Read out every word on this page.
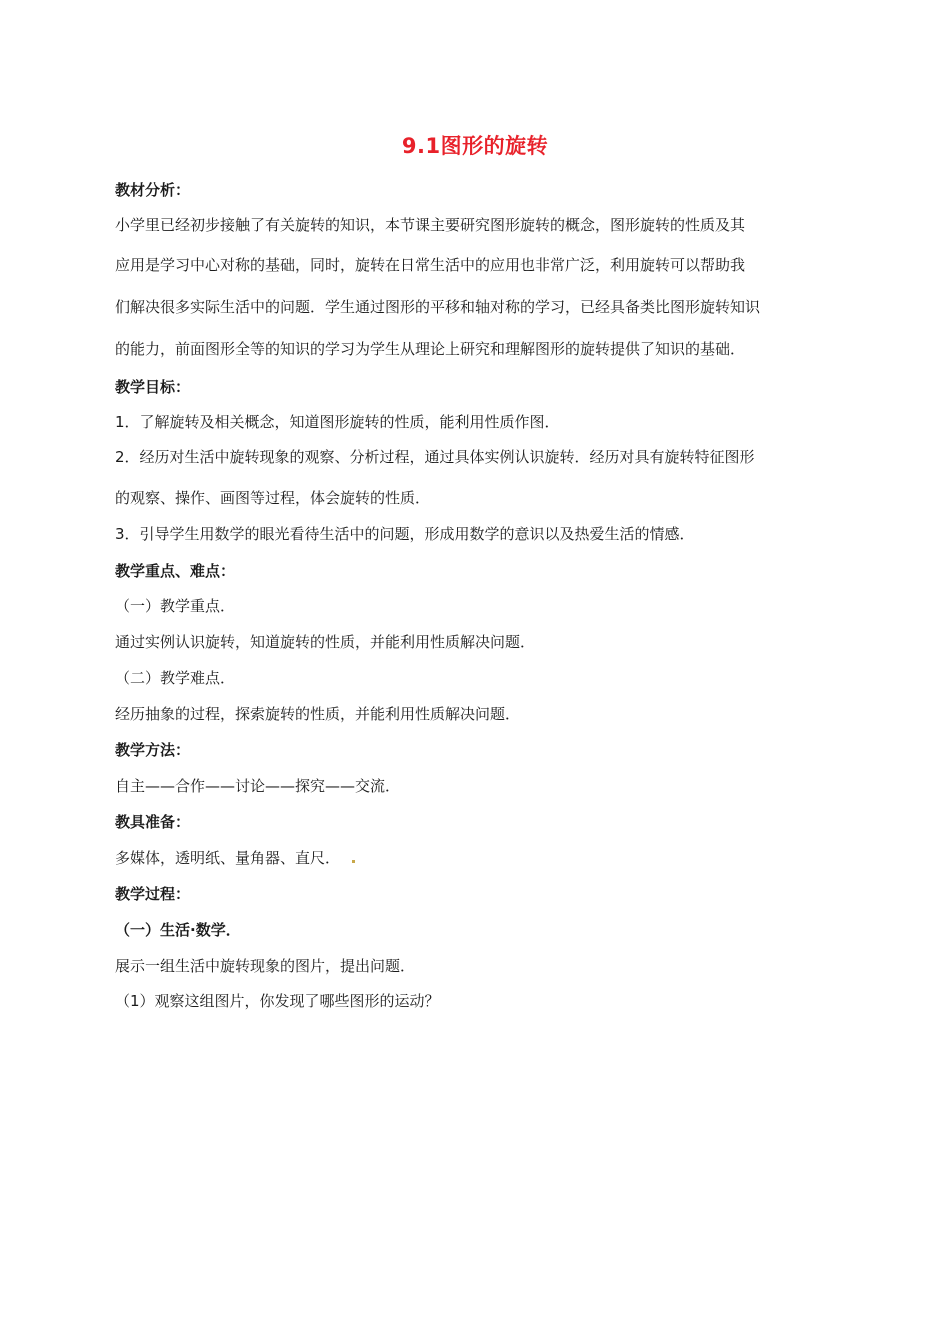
9.1图形的旋转
教材分析：
小学里已经初步接触了有关旋转的知识，本节课主要研究图形旋转的概念，图形旋转的性质及其
应用是学习中心对称的基础，同时，旋转在日常生活中的应用也非常广泛，利用旋转可以帮助我
们解决很多实际生活中的问题．学生通过图形的平移和轴对称的学习，已经具备类比图形旋转知识
的能力，前面图形全等的知识的学习为学生从理论上研究和理解图形的旋转提供了知识的基础．
教学目标：
1．了解旋转及相关概念，知道图形旋转的性质，能利用性质作图．
2．经历对生活中旋转现象的观察、分析过程，通过具体实例认识旋转．经历对具有旋转特征图形
的观察、操作、画图等过程，体会旋转的性质．
3．引导学生用数学的眼光看待生活中的问题，形成用数学的意识以及热爱生活的情感．
教学重点、难点：
（一）教学重点．
通过实例认识旋转，知道旋转的性质，并能利用性质解决问题．
（二）教学难点．
经历抽象的过程，探索旋转的性质，并能利用性质解决问题．
教学方法：
自主——合作——讨论——探究——交流．
教具准备：
多媒体，透明纸、量角器、直尺．
教学过程：
（一）生活·数学．
展示一组生活中旋转现象的图片，提出问题．
（1）观察这组图片，你发现了哪些图形的运动？
